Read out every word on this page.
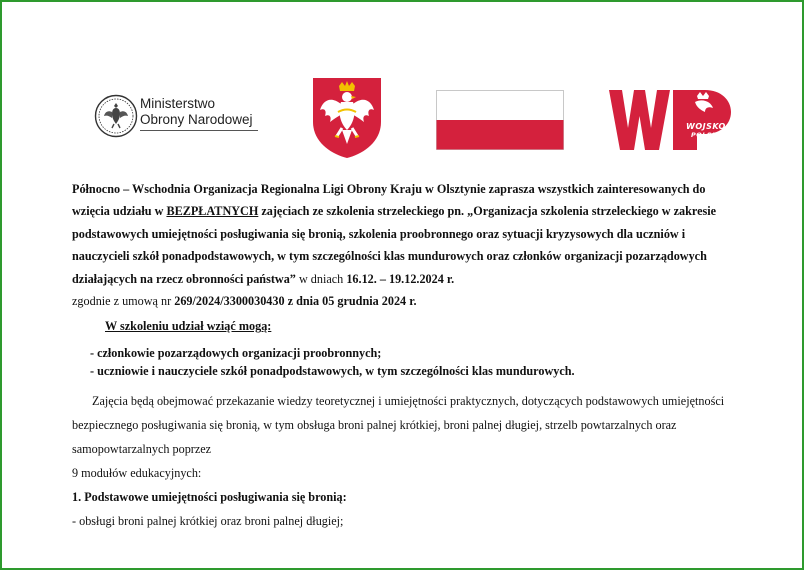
Ministerstwo
Obrony Narodowej	WOJSKO
POLSKIE

Północno – Wschodnia Organizacja Regionalna Ligi Obrony Kraju w Olsztynie zaprasza wszystkich zainteresowanych do wzięcia udziału w BEZPŁATNYCH zajęciach ze szkolenia strzeleckiego pn. „Organizacja szkolenia strzeleckiego w zakresie podstawowych umiejętności posługiwania się bronią, szkolenia proobronnego oraz sytuacji kryzysowych dla uczniów i nauczycieli szkół ponadpodstawowych, w tym szczególności klas mundurowych oraz członków organizacji pozarządowych działających na rzecz obronności państwa” w dniach 16.12. – 19.12.2024 r.

zgodnie z umową nr 269/2024/3300030430 z dnia 05 grudnia 2024 r.

W szkoleniu udział wziąć mogą:

- członkowie pozarządowych organizacji proobronnych;

- uczniowie i nauczyciele szkół ponadpodstawowych, w tym szczególności klas mundurowych.

Zajęcia będą obejmować przekazanie wiedzy teoretycznej i umiejętności praktycznych, dotyczących podstawowych umiejętności bezpiecznego posługiwania się bronią, w tym obsługa broni palnej krótkiej, broni palnej długiej, strzelb powtarzalnych oraz samopowtarzalnych poprzez

9 modułów edukacyjnych:

1. Podstawowe umiejętności posługiwania się bronią:

- obsługi broni palnej krótkiej oraz broni palnej długiej;
